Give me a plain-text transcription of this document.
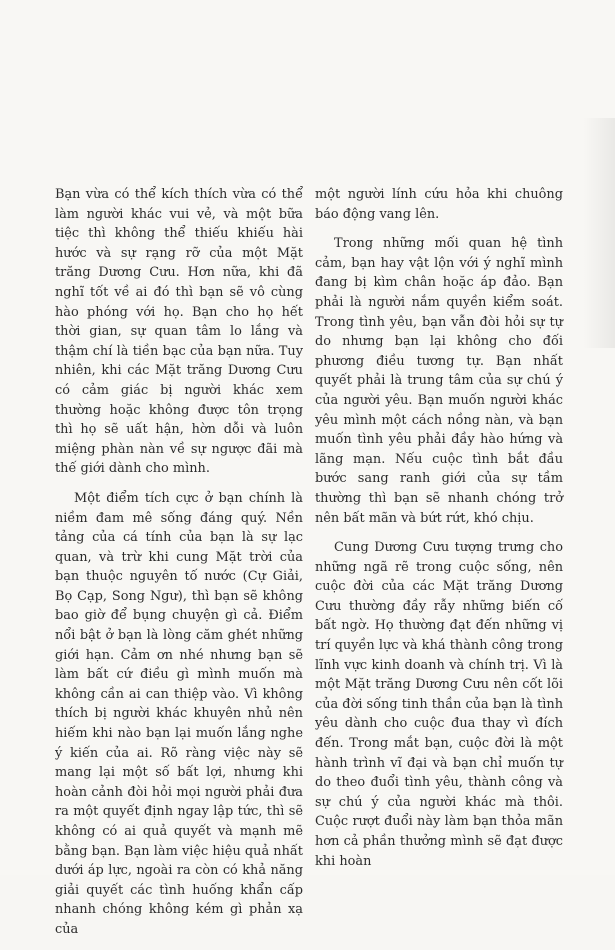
Bạn vừa có thể kích thích vừa có thể làm người khác vui vẻ, và một bữa tiệc thì không thể thiếu khiếu hài hước và sự rạng rỡ của một Mặt trăng Dương Cưu. Hơn nữa, khi đã nghĩ tốt về ai đó thì bạn sẽ vô cùng hào phóng với họ. Bạn cho họ hết thời gian, sự quan tâm lo lắng và thậm chí là tiền bạc của bạn nữa. Tuy nhiên, khi các Mặt trăng Dương Cưu có cảm giác bị người khác xem thường hoặc không được tôn trọng thì họ sẽ uất hận, hờn dỗi và luôn miệng phàn nàn về sự ngược đãi mà thế giới dành cho mình.

Một điểm tích cực ở bạn chính là niềm đam mê sống đáng quý. Nền tảng của cá tính của bạn là sự lạc quan, và trừ khi cung Mặt trời của bạn thuộc nguyên tố nước (Cự Giải, Bọ Cạp, Song Ngư), thì bạn sẽ không bao giờ để bụng chuyện gì cả. Điểm nổi bật ở bạn là lòng căm ghét những giới hạn. Cảm ơn nhé nhưng bạn sẽ làm bất cứ điều gì mình muốn mà không cần ai can thiệp vào. Vì không thích bị người khác khuyên nhủ nên hiếm khi nào bạn lại muốn lắng nghe ý kiến của ai. Rõ ràng việc này sẽ mang lại một số bất lợi, nhưng khi hoàn cảnh đòi hỏi mọi người phải đưa ra một quyết định ngay lập tức, thì sẽ không có ai quả quyết và mạnh mẽ bằng bạn. Bạn làm việc hiệu quả nhất dưới áp lực, ngoài ra còn có khả năng giải quyết các tình huống khẩn cấp nhanh chóng không kém gì phản xạ của

một người lính cứu hỏa khi chuông báo động vang lên.

Trong những mối quan hệ tình cảm, bạn hay vật lộn với ý nghĩ mình đang bị kìm chân hoặc áp đảo. Bạn phải là người nắm quyền kiểm soát. Trong tình yêu, bạn vẫn đòi hỏi sự tự do nhưng bạn lại không cho đối phương điều tương tự. Bạn nhất quyết phải là trung tâm của sự chú ý của người yêu. Bạn muốn người khác yêu mình một cách nồng nàn, và bạn muốn tình yêu phải đầy hào hứng và lãng mạn. Nếu cuộc tình bắt đầu bước sang ranh giới của sự tầm thường thì bạn sẽ nhanh chóng trở nên bất mãn và bứt rứt, khó chịu.

Cung Dương Cưu tượng trưng cho những ngã rẽ trong cuộc sống, nên cuộc đời của các Mặt trăng Dương Cưu thường đầy rẫy những biến cố bất ngờ. Họ thường đạt đến những vị trí quyền lực và khá thành công trong lĩnh vực kinh doanh và chính trị. Vì là một Mặt trăng Dương Cưu nên cốt lõi của đời sống tinh thần của bạn là tình yêu dành cho cuộc đua thay vì đích đến. Trong mắt bạn, cuộc đời là một hành trình vĩ đại và bạn chỉ muốn tự do theo đuổi tình yêu, thành công và sự chú ý của người khác mà thôi. Cuộc rượt đuổi này làm bạn thỏa mãn hơn cả phần thưởng mình sẽ đạt được khi hoàn
